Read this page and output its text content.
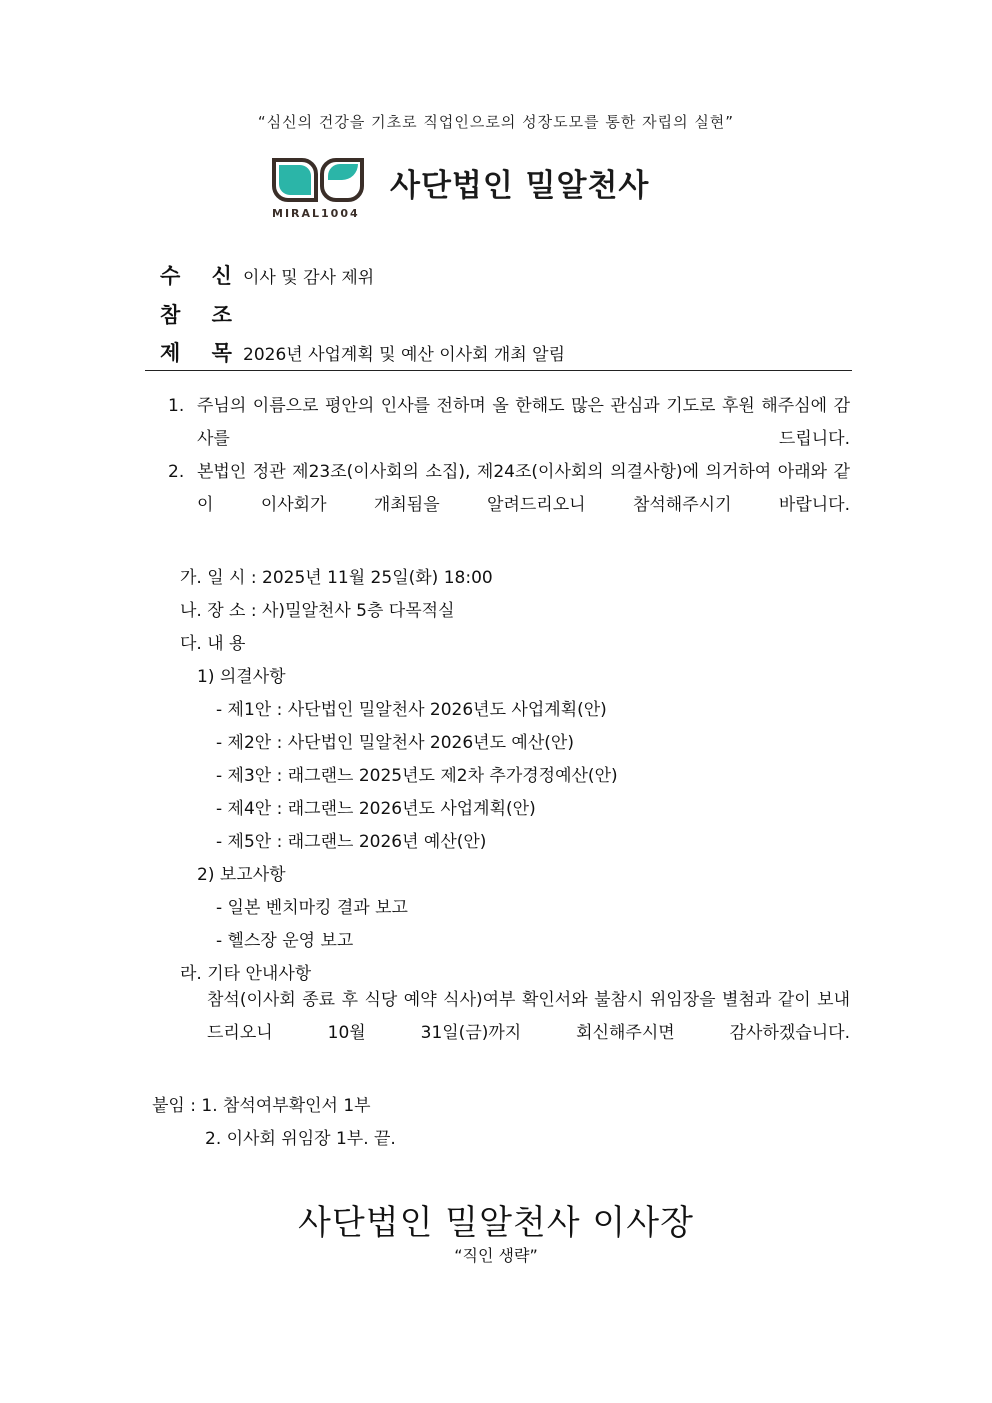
“심신의 건강을 기초로 직업인으로의 성장도모를 통한 자립의 실현”
MIRAL1004
사단법인 밀알천사
수 신 이사 및 감사 제위
참 조
제 목 2026년 사업계획 및 예산 이사회 개최 알림
1. 주님의 이름으로 평안의 인사를 전하며 올 한해도 많은 관심과 기도로 후원 해주심에 감사를 드립니다.
2. 본법인 정관 제23조(이사회의 소집), 제24조(이사회의 의결사항)에 의거하여 아래와 같이 이사회가 개최됨을 알려드리오니 참석해주시기 바랍니다.
가. 일 시 : 2025년 11월 25일(화) 18:00
나. 장 소 : 사)밀알천사 5층 다목적실
다. 내 용
1) 의결사항
- 제1안 : 사단법인 밀알천사 2026년도 사업계획(안)
- 제2안 : 사단법인 밀알천사 2026년도 예산(안)
- 제3안 : 래그랜느 2025년도 제2차 추가경정예산(안)
- 제4안 : 래그랜느 2026년도 사업계획(안)
- 제5안 : 래그랜느 2026년 예산(안)
2) 보고사항
- 일본 벤치마킹 결과 보고
- 헬스장 운영 보고
라. 기타 안내사항
참석(이사회 종료 후 식당 예약 식사)여부 확인서와 불참시 위임장을 별첨과 같이 보내드리오니 10월 31일(금)까지 회신해주시면 감사하겠습니다.
붙임 : 1. 참석여부확인서 1부
2. 이사회 위임장 1부. 끝.
사단법인 밀알천사 이사장
“직인 생략”
